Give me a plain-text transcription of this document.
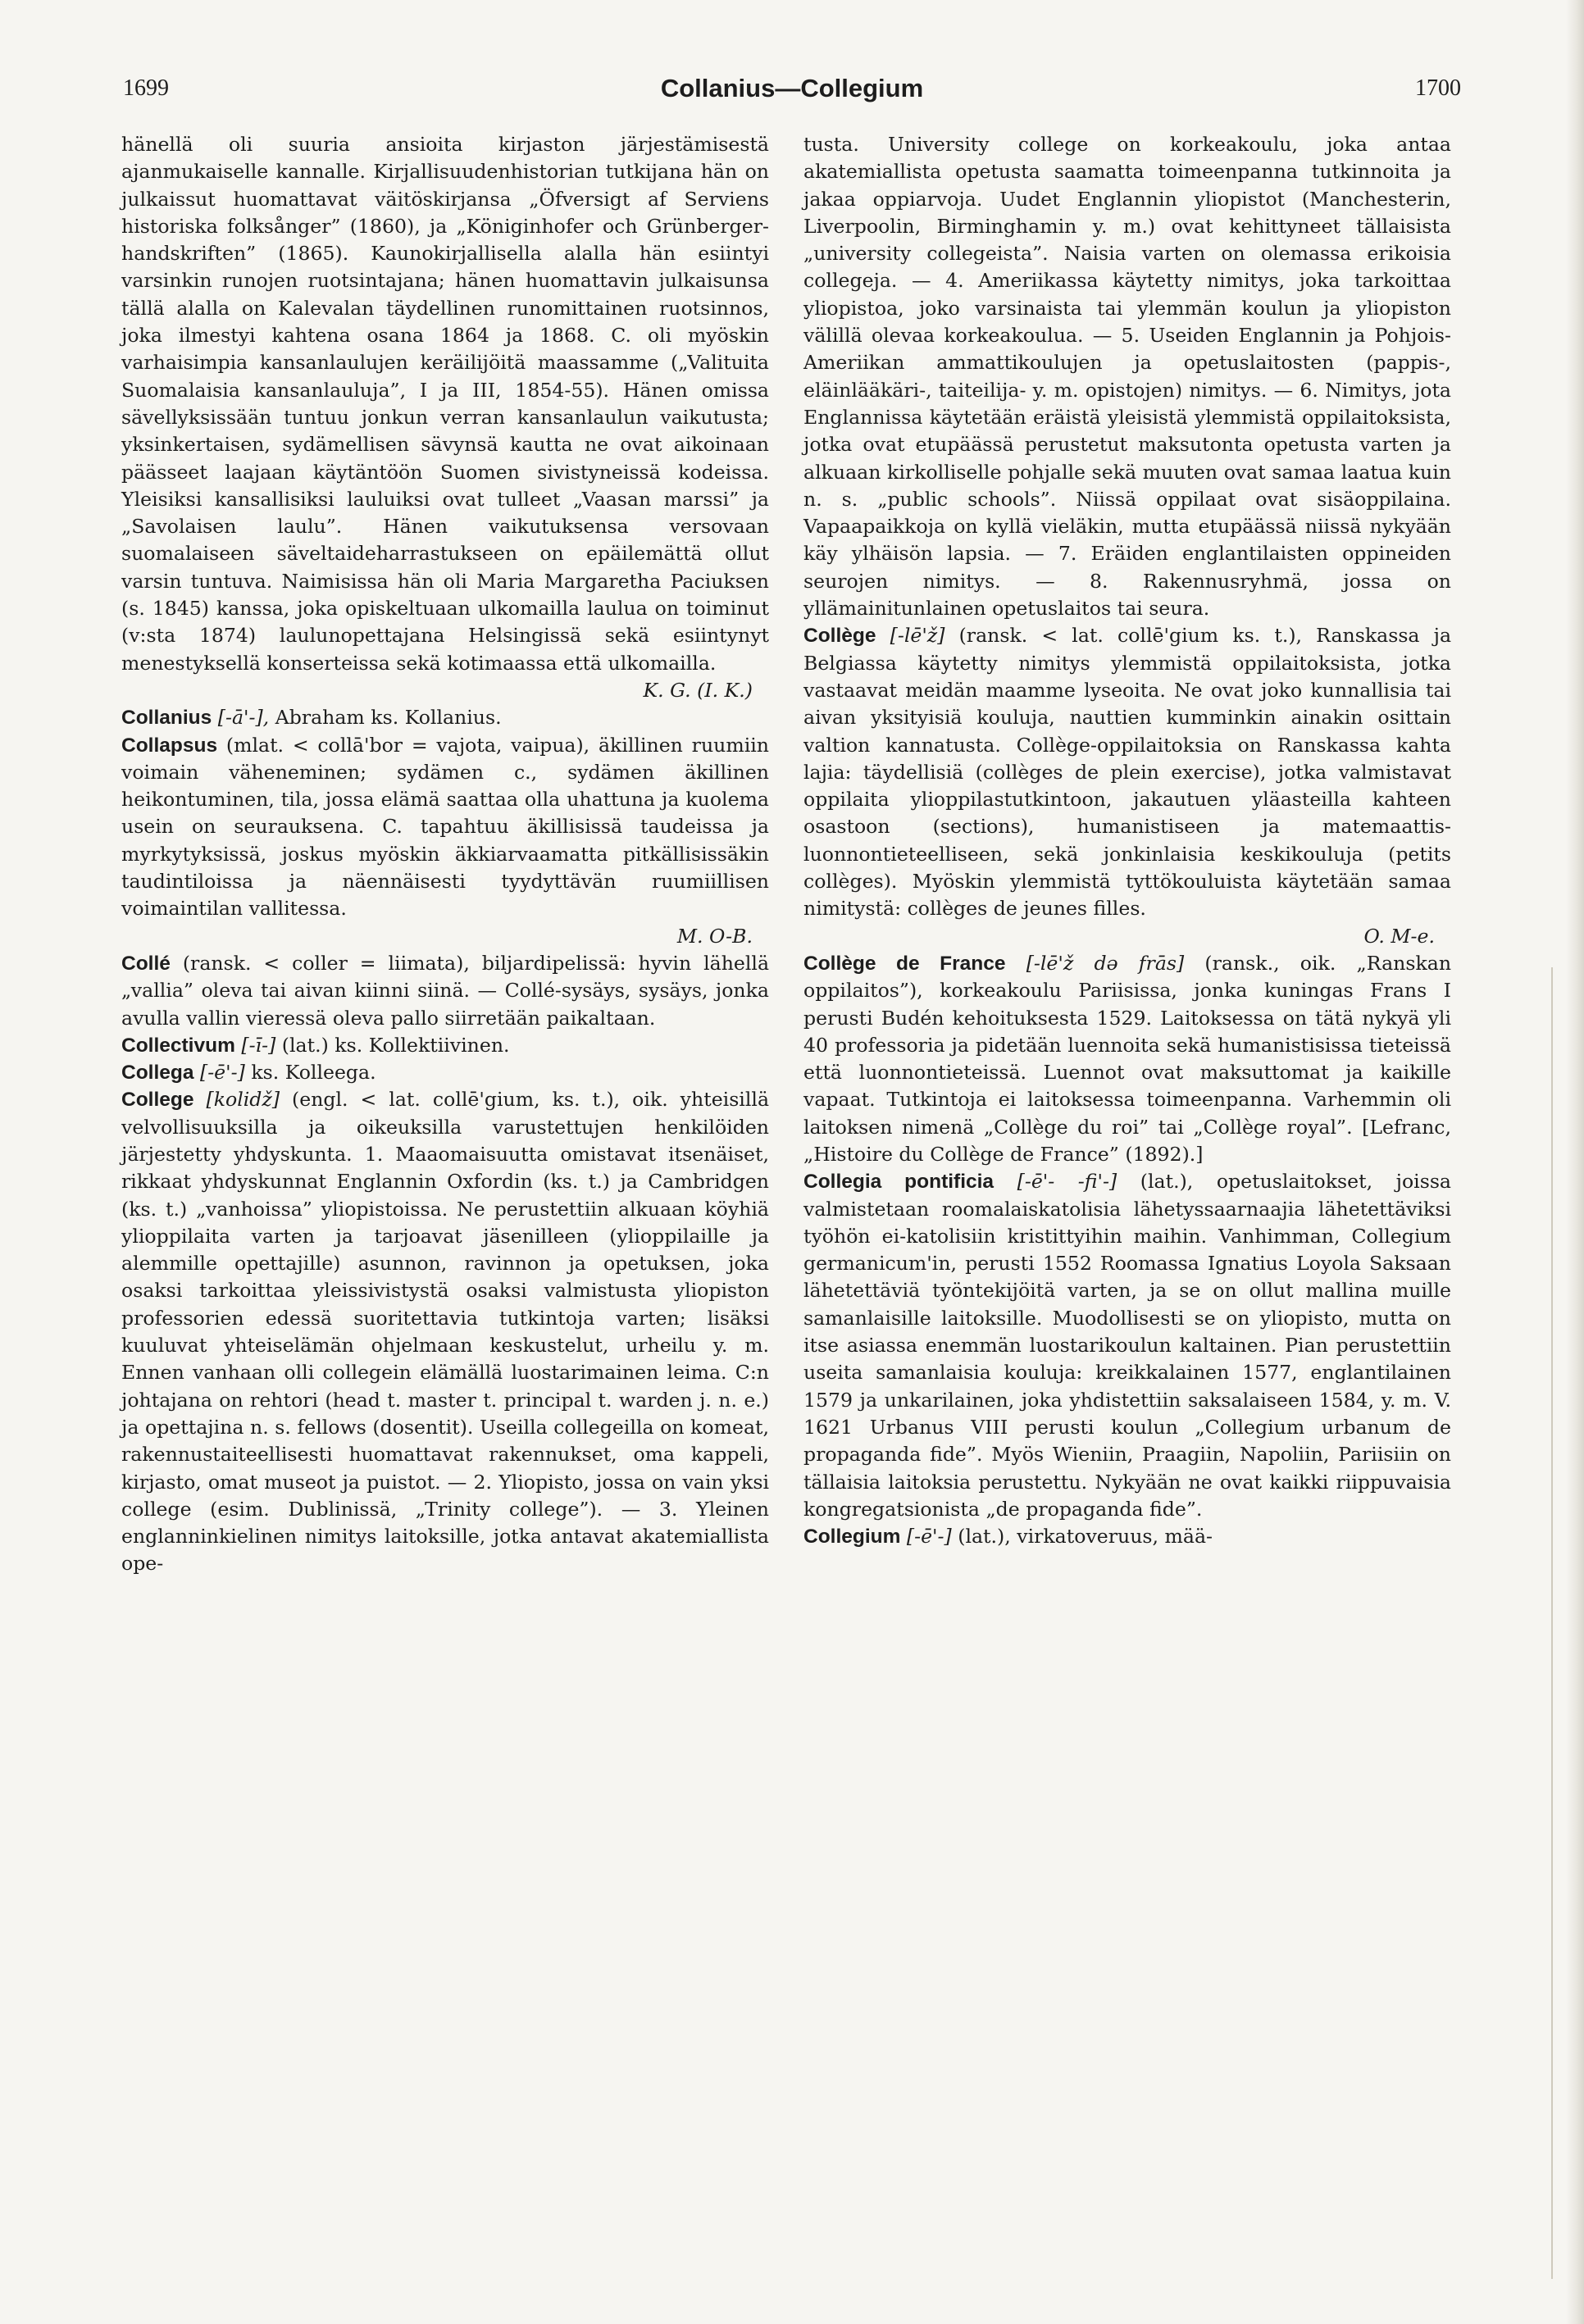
1699	Collanius—Collegium	1700

hänellä oli suuria ansioita kirjaston järjestämisestä ajanmukaiselle kannalle. Kirjallisuudenhistorian tutkijana hän on julkaissut huomattavat väitöskirjansa „Öfversigt af Serviens historiska folksånger” (1860), ja „Königinhofer och Grünberger-handskriften” (1865). Kaunokirjallisella alalla hän esiintyi varsinkin runojen ruotsintajana; hänen huomattavin julkaisunsa tällä alalla on Kalevalan täydellinen runomittainen ruotsinnos, joka ilmestyi kahtena osana 1864 ja 1868. C. oli myöskin varhaisimpia kansanlaulujen keräilijöitä maassamme („Valituita Suomalaisia kansanlauluja”, I ja III, 1854-55). Hänen omissa sävellyksissään tuntuu jonkun verran kansanlaulun vaikutusta; yksinkertaisen, sydämellisen sävynsä kautta ne ovat aikoinaan päässeet laajaan käytäntöön Suomen sivistyneissä kodeissa. Yleisiksi kansallisiksi lauluiksi ovat tulleet „Vaasan marssi” ja „Savolaisen laulu”. Hänen vaikutuksensa versovaan suomalaiseen säveltaideharrastukseen on epäilemättä ollut varsin tuntuva. Naimisissa hän oli Maria Margaretha Paciuksen (s. 1845) kanssa, joka opiskeltuaan ulkomailla laulua on toiminut (v:sta 1874) laulunopettajana Helsingissä sekä esiintynyt menestyksellä konserteissa sekä kotimaassa että ulkomailla.
K. G. (I. K.)

Collanius [-ā'-], Abraham ks. Kollanius.

Collapsus (mlat. < collā'bor = vajota, vaipua), äkillinen ruumiin voimain väheneminen; sydämen c., sydämen äkillinen heikontuminen, tila, jossa elämä saattaa olla uhattuna ja kuolema usein on seurauksena. C. tapahtuu äkillisissä taudeissa ja myrkytyksissä, joskus myöskin äkkiarvaamatta pitkällisissäkin taudintiloissa ja näennäisesti tyydyttävän ruumiillisen voimaintilan vallitessa.
M. O-B.

Collé (ransk. < coller = liimata), biljardipelissä: hyvin lähellä „vallia” oleva tai aivan kiinni siinä. — Collé-sysäys, sysäys, jonka avulla vallin vieressä oleva pallo siirretään paikaltaan.

Collectivum [-ī-] (lat.) ks. Kollektiivinen.

Collega [-ē'-] ks. Kolleega.

College [kolidž] (engl. < lat. collē'gium, ks. t.), oik. yhteisillä velvollisuuksilla ja oikeuksilla varustettujen henkilöiden järjestetty yhdyskunta. 1. Maaomaisuutta omistavat itsenäiset, rikkaat yhdyskunnat Englannin Oxfordin (ks. t.) ja Cambridgen (ks. t.) „vanhoissa” yliopistoissa. Ne perustettiin alkuaan köyhiä ylioppilaita varten ja tarjoavat jäsenilleen (ylioppilaille ja alemmille opettajille) asunnon, ravinnon ja opetuksen, joka osaksi tarkoittaa yleissivistystä osaksi valmistusta yliopiston professorien edessä suoritettavia tutkintoja varten; lisäksi kuuluvat yhteiselämän ohjelmaan keskustelut, urheilu y. m. Ennen vanhaan olli collegein elämällä luostarimainen leima. C:n johtajana on rehtori (head t. master t. principal t. warden j. n. e.) ja opettajina n. s. fellows (dosentit). Useilla collegeilla on komeat, rakennustaiteellisesti huomattavat rakennukset, oma kappeli, kirjasto, omat museot ja puistot. — 2. Yliopisto, jossa on vain yksi college (esim. Dublinissä, „Trinity college”). — 3. Yleinen englanninkielinen nimitys laitoksille, jotka antavat akatemiallista ope-

tusta. University college on korkeakoulu, joka antaa akatemiallista opetusta saamatta toimeenpanna tutkinnoita ja jakaa oppiarvoja. Uudet Englannin yliopistot (Manchesterin, Liverpoolin, Birminghamin y. m.) ovat kehittyneet tällaisista „university collegeista”. Naisia varten on olemassa erikoisia collegeja. — 4. Ameriikassa käytetty nimitys, joka tarkoittaa yliopistoa, joko varsinaista tai ylemmän koulun ja yliopiston välillä olevaa korkeakoulua. — 5. Useiden Englannin ja Pohjois-Ameriikan ammattikoulujen ja opetuslaitosten (pappis-, eläinlääkäri-, taiteilija- y. m. opistojen) nimitys. — 6. Nimitys, jota Englannissa käytetään eräistä yleisistä ylemmistä oppilaitoksista, jotka ovat etupäässä perustetut maksutonta opetusta varten ja alkuaan kirkolliselle pohjalle sekä muuten ovat samaa laatua kuin n. s. „public schools”. Niissä oppilaat ovat sisäoppilaina. Vapaapaikkoja on kyllä vieläkin, mutta etupäässä niissä nykyään käy ylhäisön lapsia. — 7. Eräiden englantilaisten oppineiden seurojen nimitys. — 8. Rakennusryhmä, jossa on yllämainitunlainen opetuslaitos tai seura.

Collège [-lē'ž] (ransk. < lat. collē'gium ks. t.), Ranskassa ja Belgiassa käytetty nimitys ylemmistä oppilaitoksista, jotka vastaavat meidän maamme lyseoita. Ne ovat joko kunnallisia tai aivan yksityisiä kouluja, nauttien kumminkin ainakin osittain valtion kannatusta. Collège-oppilaitoksia on Ranskassa kahta lajia: täydellisiä (collèges de plein exercise), jotka valmistavat oppilaita ylioppilastutkintoon, jakautuen yläasteilla kahteen osastoon (sections), humanistiseen ja matemaattis-luonnontieteelliseen, sekä jonkinlaisia keskikouluja (petits collèges). Myöskin ylemmistä tyttökouluista käytetään samaa nimitystä: collèges de jeunes filles.
O. M-e.

Collège de France [-lē'ž də frās] (ransk., oik. „Ranskan oppilaitos”), korkeakoulu Pariisissa, jonka kuningas Frans I perusti Budén kehoituksesta 1529. Laitoksessa on tätä nykyä yli 40 professoria ja pidetään luennoita sekä humanistisissa tieteissä että luonnontieteissä. Luennot ovat maksuttomat ja kaikille vapaat. Tutkintoja ei laitoksessa toimeenpanna. Varhemmin oli laitoksen nimenä „Collège du roi” tai „Collège royal”. [Lefranc, „Histoire du Collège de France” (1892).]

Collegia pontificia [-ē'- -fi'-] (lat.), opetuslaitokset, joissa valmistetaan roomalaiskatolisia lähetyssaarnaajia lähetettäviksi työhön ei-katolisiin kristittyihin maihin. Vanhimman, Collegium germanicum'in, perusti 1552 Roomassa Ignatius Loyola Saksaan lähetettäviä työntekijöitä varten, ja se on ollut mallina muille samanlaisille laitoksille. Muodollisesti se on yliopisto, mutta on itse asiassa enemmän luostarikoulun kaltainen. Pian perustettiin useita samanlaisia kouluja: kreikkalainen 1577, englantilainen 1579 ja unkarilainen, joka yhdistettiin saksalaiseen 1584, y. m. V. 1621 Urbanus VIII perusti koulun „Collegium urbanum de propaganda fide”. Myös Wieniin, Praagiin, Napoliin, Pariisiin on tällaisia laitoksia perustettu. Nykyään ne ovat kaikki riippuvaisia kongregatsionista „de propaganda fide”.

Collegium [-ē'-] (lat.), virkatoveruus, mää-
